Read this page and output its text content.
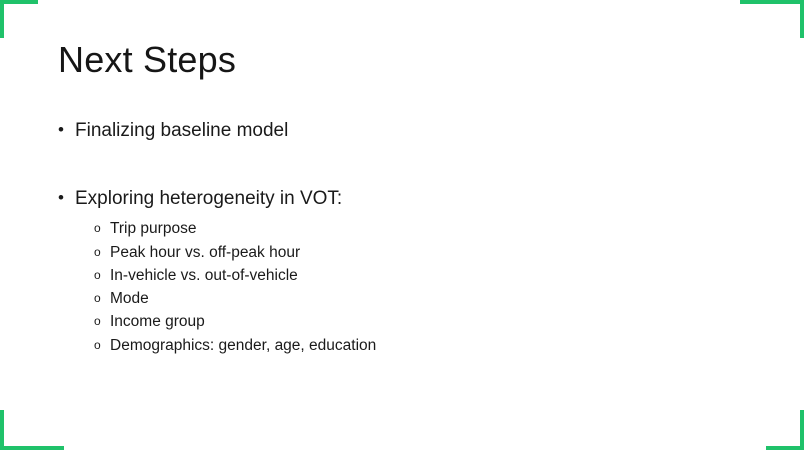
Next Steps
• Finalizing baseline model
• Exploring heterogeneity in VOT:
o Trip purpose
o Peak hour vs. off-peak hour
o In-vehicle vs. out-of-vehicle
o Mode
o Income group
o Demographics: gender, age, education
